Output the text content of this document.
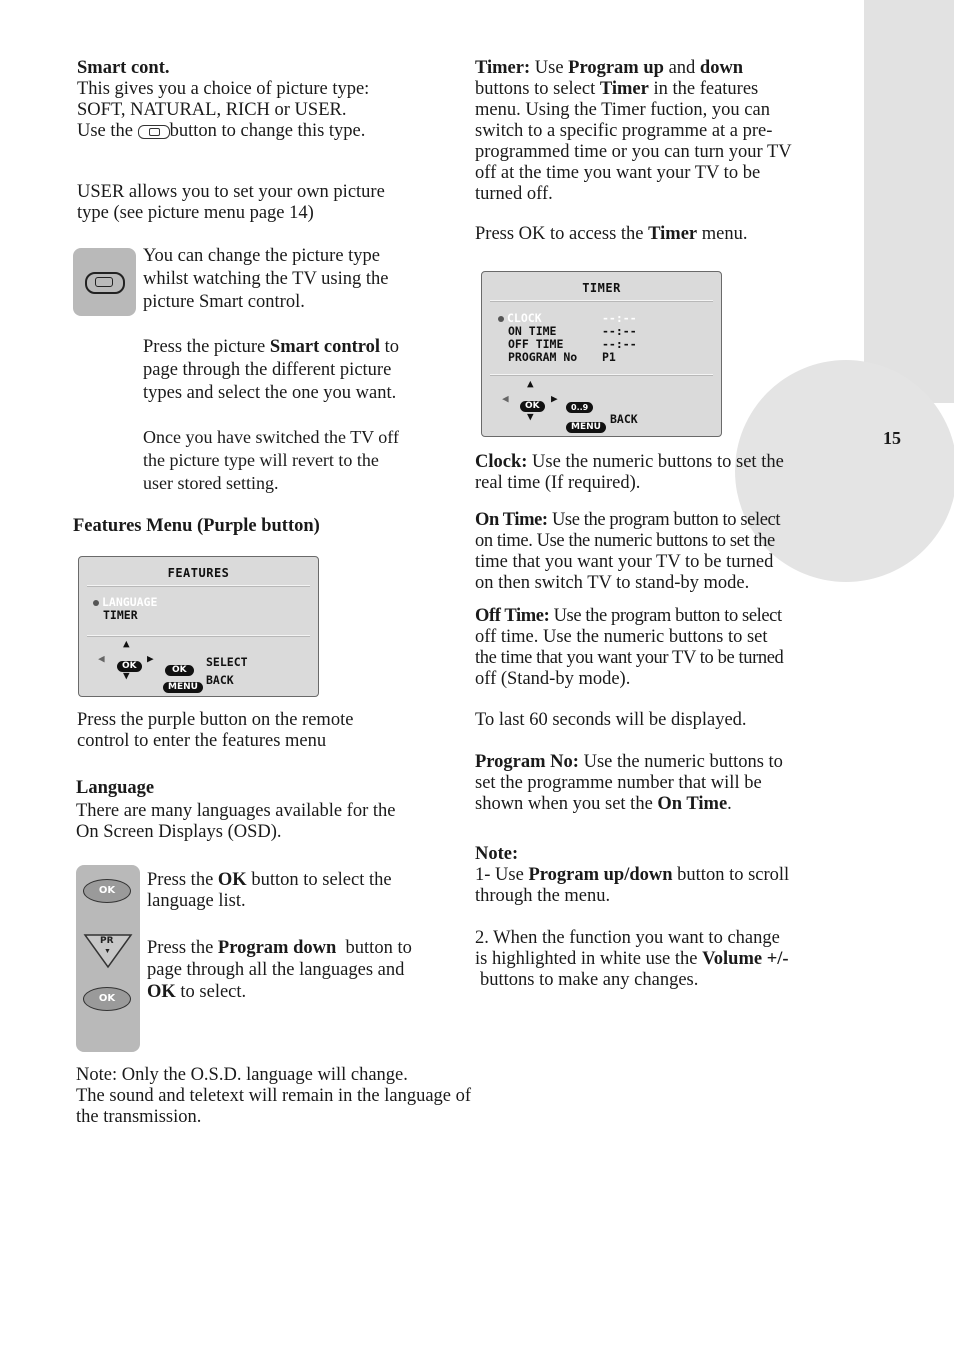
15

Smart cont.

This gives you a choice of picture type:

SOFT, NATURAL, RICH or USER.

Use the button to change this type.

USER allows you to set your own picture

type (see picture menu page 14)

You can change the picture type

whilst watching the TV using the

picture Smart control.

Press the picture Smart control to

page through the different picture

types and select the one you want.

Once you have switched the TV off

the picture type will revert to the

user stored setting.

Features Menu (Purple button)

FEATURES
LANGUAGE
TIMER
▲
◀
OK
▶
▼	OK
SELECT
MENU BACK

Press the purple button on the remote

control to enter the features menu

Language

There are many languages available for the

On Screen Displays (OSD).

OK
PR
▼
OK

Press the OK button to select the

language list.

Press the Program down button to

page through all the languages and

OK to select.

Note: Only the O.S.D. language will change.

The sound and teletext will remain in the language of

the transmission.

Timer: Use Program up and down

buttons to select Timer in the features

menu. Using the Timer fuction, you can

switch to a specific programme at a pre-

programmed time or you can turn your TV

off at the time you want your TV to be

turned off.

Press OK to access the Timer menu.

TIMER
CLOCK	--:--
ON TIME	--:--
OFF TIME	--:--
PROGRAM No P1
▲
◀
OK
▶
0..9
▼
MENU
BACK

Clock: Use the numeric buttons to set the

real time (If required).

On Time: Use the program button to select

on time. Use the numeric buttons to set the

time that you want your TV to be turned

on then switch TV to stand-by mode.

Off Time: Use the program button to select

off time. Use the numeric buttons to set

the time that you want your TV to be turned

off (Stand-by mode).

To last 60 seconds will be displayed.

Program No: Use the numeric buttons to

set the programme number that will be

shown when you set the On Time.

Note:

1- Use Program up/down button to scroll

through the menu.

2. When the function you want to change

is highlighted in white use the Volume +/-

buttons to make any changes.
